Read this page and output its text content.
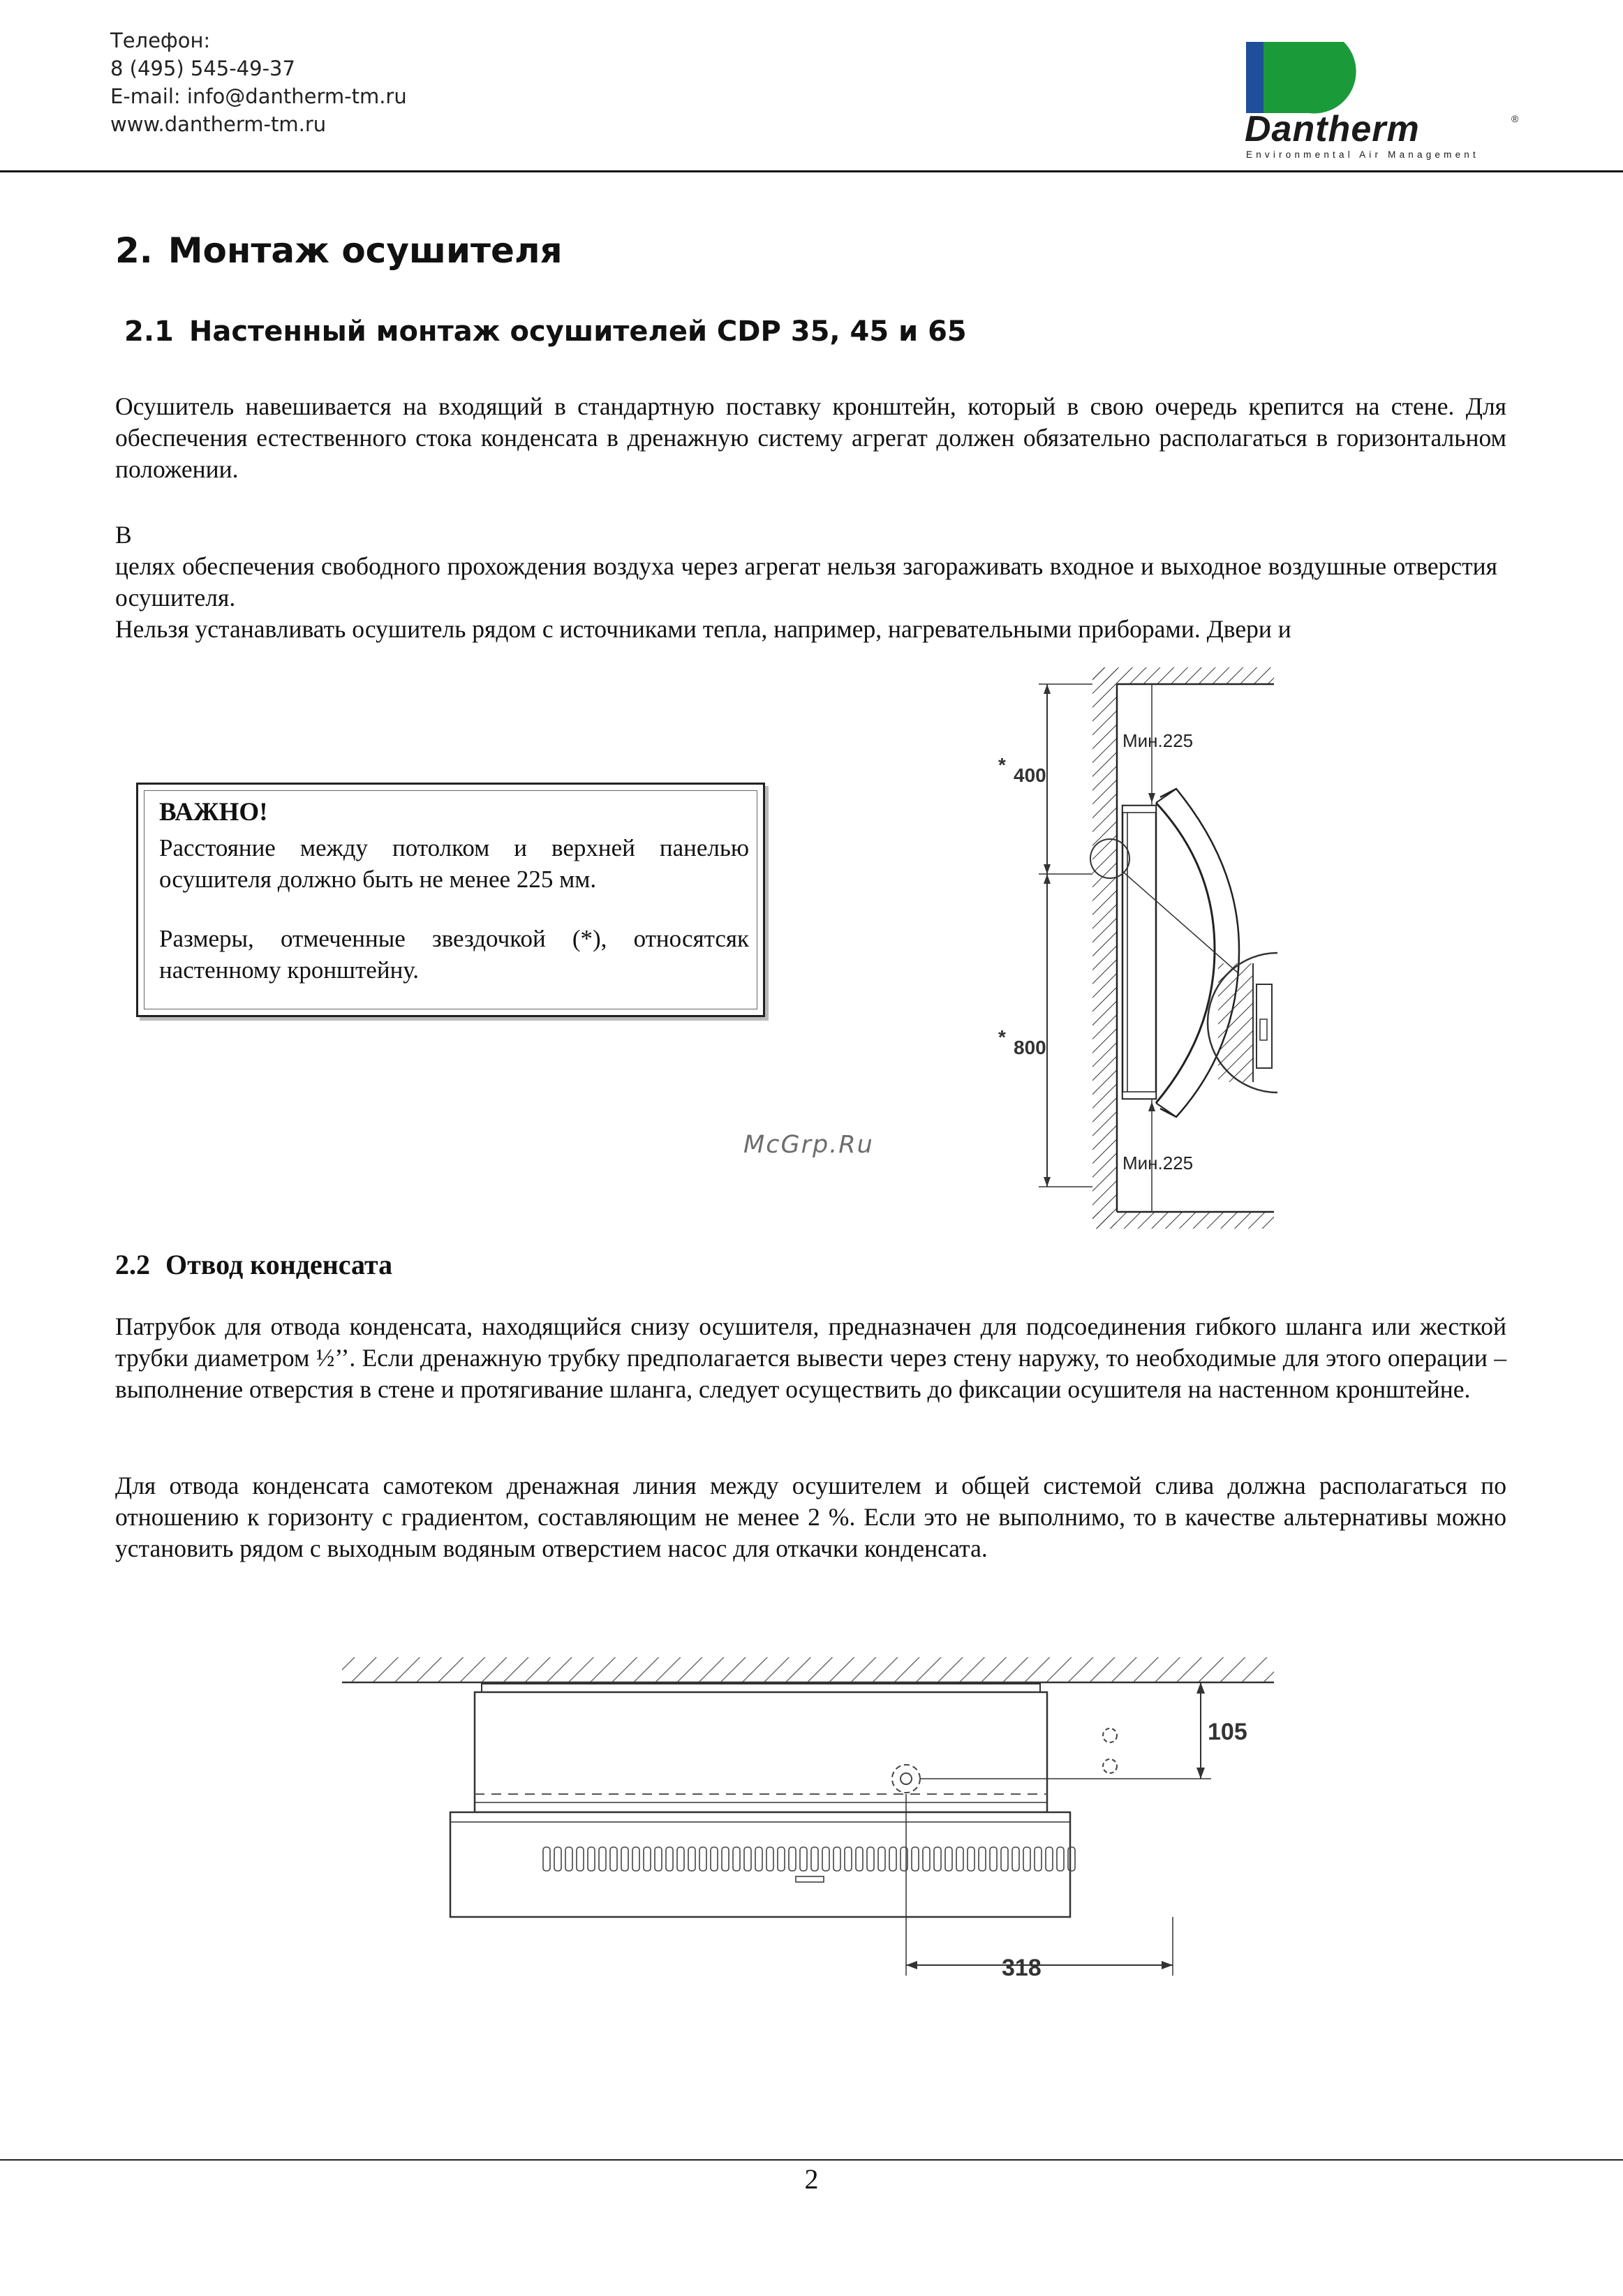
Телефон:
8 (495) 545-49-37
E-mail: info@dantherm-tm.ru
www.dantherm-tm.ru	Dantherm	®
Environmental Air Management
2. Монтаж осушителя
2.1 Настенный монтаж осушителей CDP 35, 45 и 65

Осушитель навешивается на входящий в стандартную поставку кронштейн, который в свою очередь крепится на стене. Для обеспечения естественного стока конденсата в дренажную систему агрегат должен обязательно располагаться в горизонтальном положении.

В

целях обеспечения свободного прохождения воздуха через агрегат нельзя загораживать входное и выходное воздушные отверстия осушителя.

Нельзя устанавливать осушитель рядом с источниками тепла, например, нагревательными приборами. Двери и

ВАЖНО!
Расстояние между потолком и верхней панелью осушителя должно быть не менее 225 мм.
Размеры, отмеченные звездочкой (*), относятсяк настенному кронштейну.
* 400
* 800
Мин.225
Мин.225
McGrp.Ru
2.2 Отвод конденсата

Патрубок для отвода конденсата, находящийся снизу осушителя, предназначен для подсоединения гибкого шланга или жесткой трубки диаметром ½’’. Если дренажную трубку предполагается вывести через стену наружу, то необходимые для этого операции – выполнение отверстия в стене и протягивание шланга, следует осуществить до фиксации осушителя на настенном кронштейне.

Для отвода конденсата самотеком дренажная линия между осушителем и общей системой слива должна располагаться по отношению к горизонту с градиентом, составляющим не менее 2 %. Если это не выполнимо, то в качестве альтернативы можно установить рядом с выходным водяным отверстием насос для откачки конденсата.

105
318
2
